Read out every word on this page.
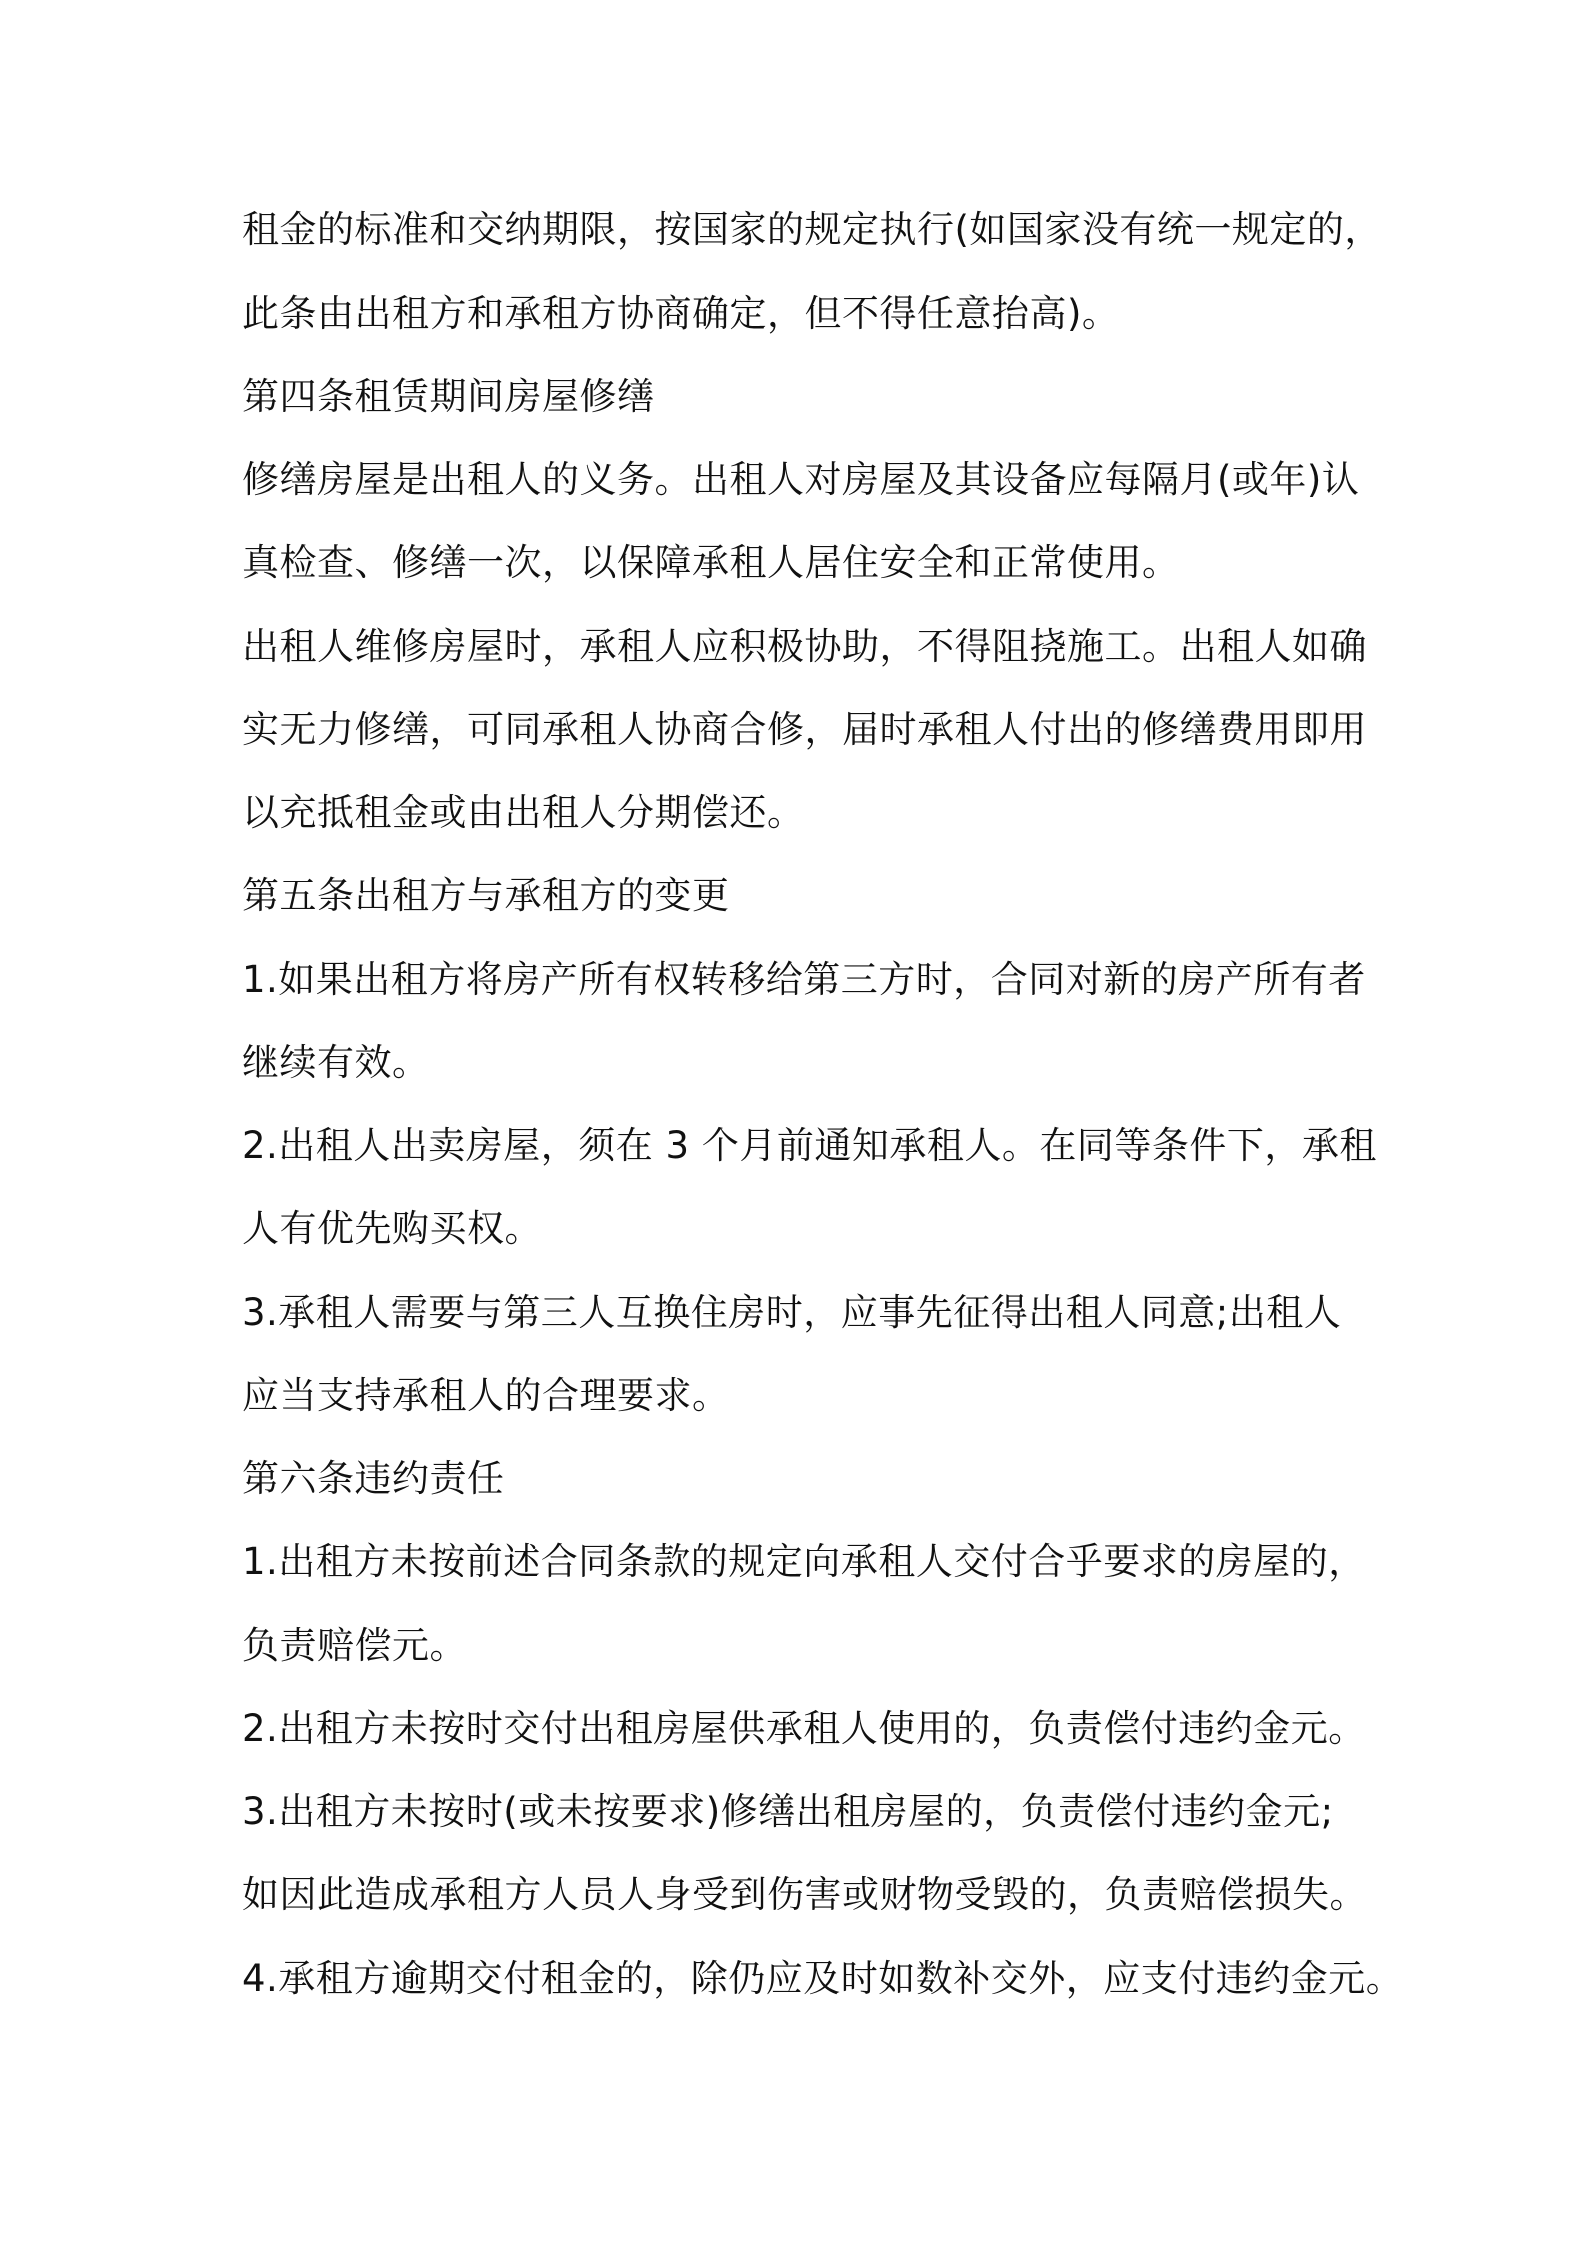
租金的标准和交纳期限，按国家的规定执行(如国家没有统一规定的，
此条由出租方和承租方协商确定，但不得任意抬高)。
第四条租赁期间房屋修缮
修缮房屋是出租人的义务。出租人对房屋及其设备应每隔月(或年)认
真检查、修缮一次，以保障承租人居住安全和正常使用。
出租人维修房屋时，承租人应积极协助，不得阻挠施工。出租人如确
实无力修缮，可同承租人协商合修，届时承租人付出的修缮费用即用
以充抵租金或由出租人分期偿还。
第五条出租方与承租方的变更
1.如果出租方将房产所有权转移给第三方时，合同对新的房产所有者
继续有效。
2.出租人出卖房屋，须在 3 个月前通知承租人。在同等条件下，承租
人有优先购买权。
3.承租人需要与第三人互换住房时，应事先征得出租人同意;出租人
应当支持承租人的合理要求。
第六条违约责任
1.出租方未按前述合同条款的规定向承租人交付合乎要求的房屋的，
负责赔偿元。
2.出租方未按时交付出租房屋供承租人使用的，负责偿付违约金元。
3.出租方未按时(或未按要求)修缮出租房屋的，负责偿付违约金元;
如因此造成承租方人员人身受到伤害或财物受毁的，负责赔偿损失。
4.承租方逾期交付租金的，除仍应及时如数补交外，应支付违约金元。
